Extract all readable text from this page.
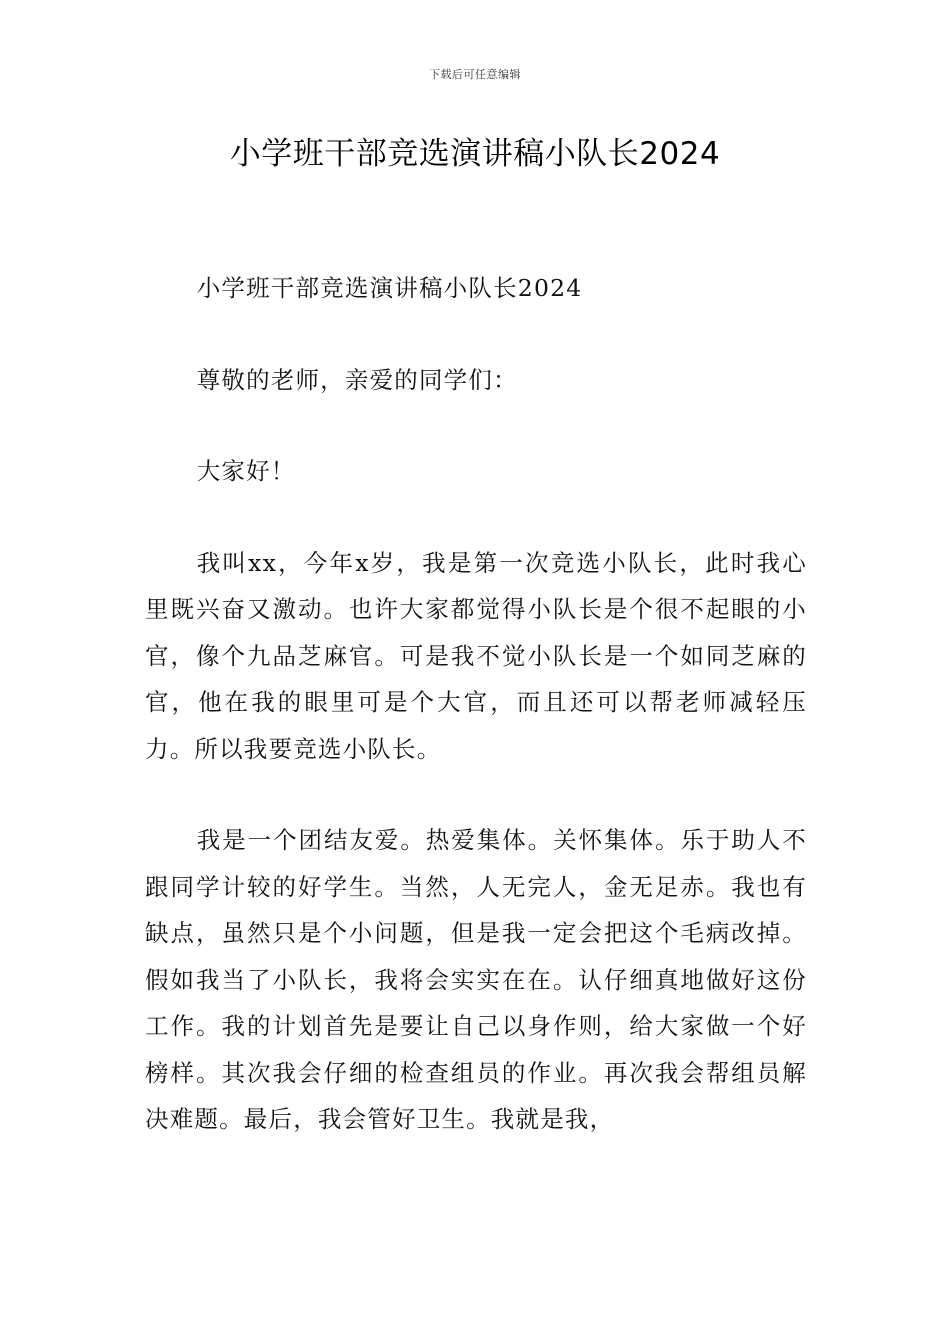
下载后可任意编辑
小学班干部竞选演讲稿小队长2024

小学班干部竞选演讲稿小队长2024

尊敬的老师，亲爱的同学们：

大家好！

我叫xx，今年x岁，我是第一次竞选小队长，此时我心里既兴奋又激动。也许大家都觉得小队长是个很不起眼的小官，像个九品芝麻官。可是我不觉小队长是一个如同芝麻的官，他在我的眼里可是个大官，而且还可以帮老师减轻压力。所以我要竞选小队长。

我是一个团结友爱。热爱集体。关怀集体。乐于助人不跟同学计较的好学生。当然，人无完人，金无足赤。我也有缺点，虽然只是个小问题，但是我一定会把这个毛病改掉。假如我当了小队长，我将会实实在在。认仔细真地做好这份工作。我的计划首先是要让自己以身作则，给大家做一个好榜样。其次我会仔细的检查组员的作业。再次我会帮组员解决难题。最后，我会管好卫生。我就是我，
